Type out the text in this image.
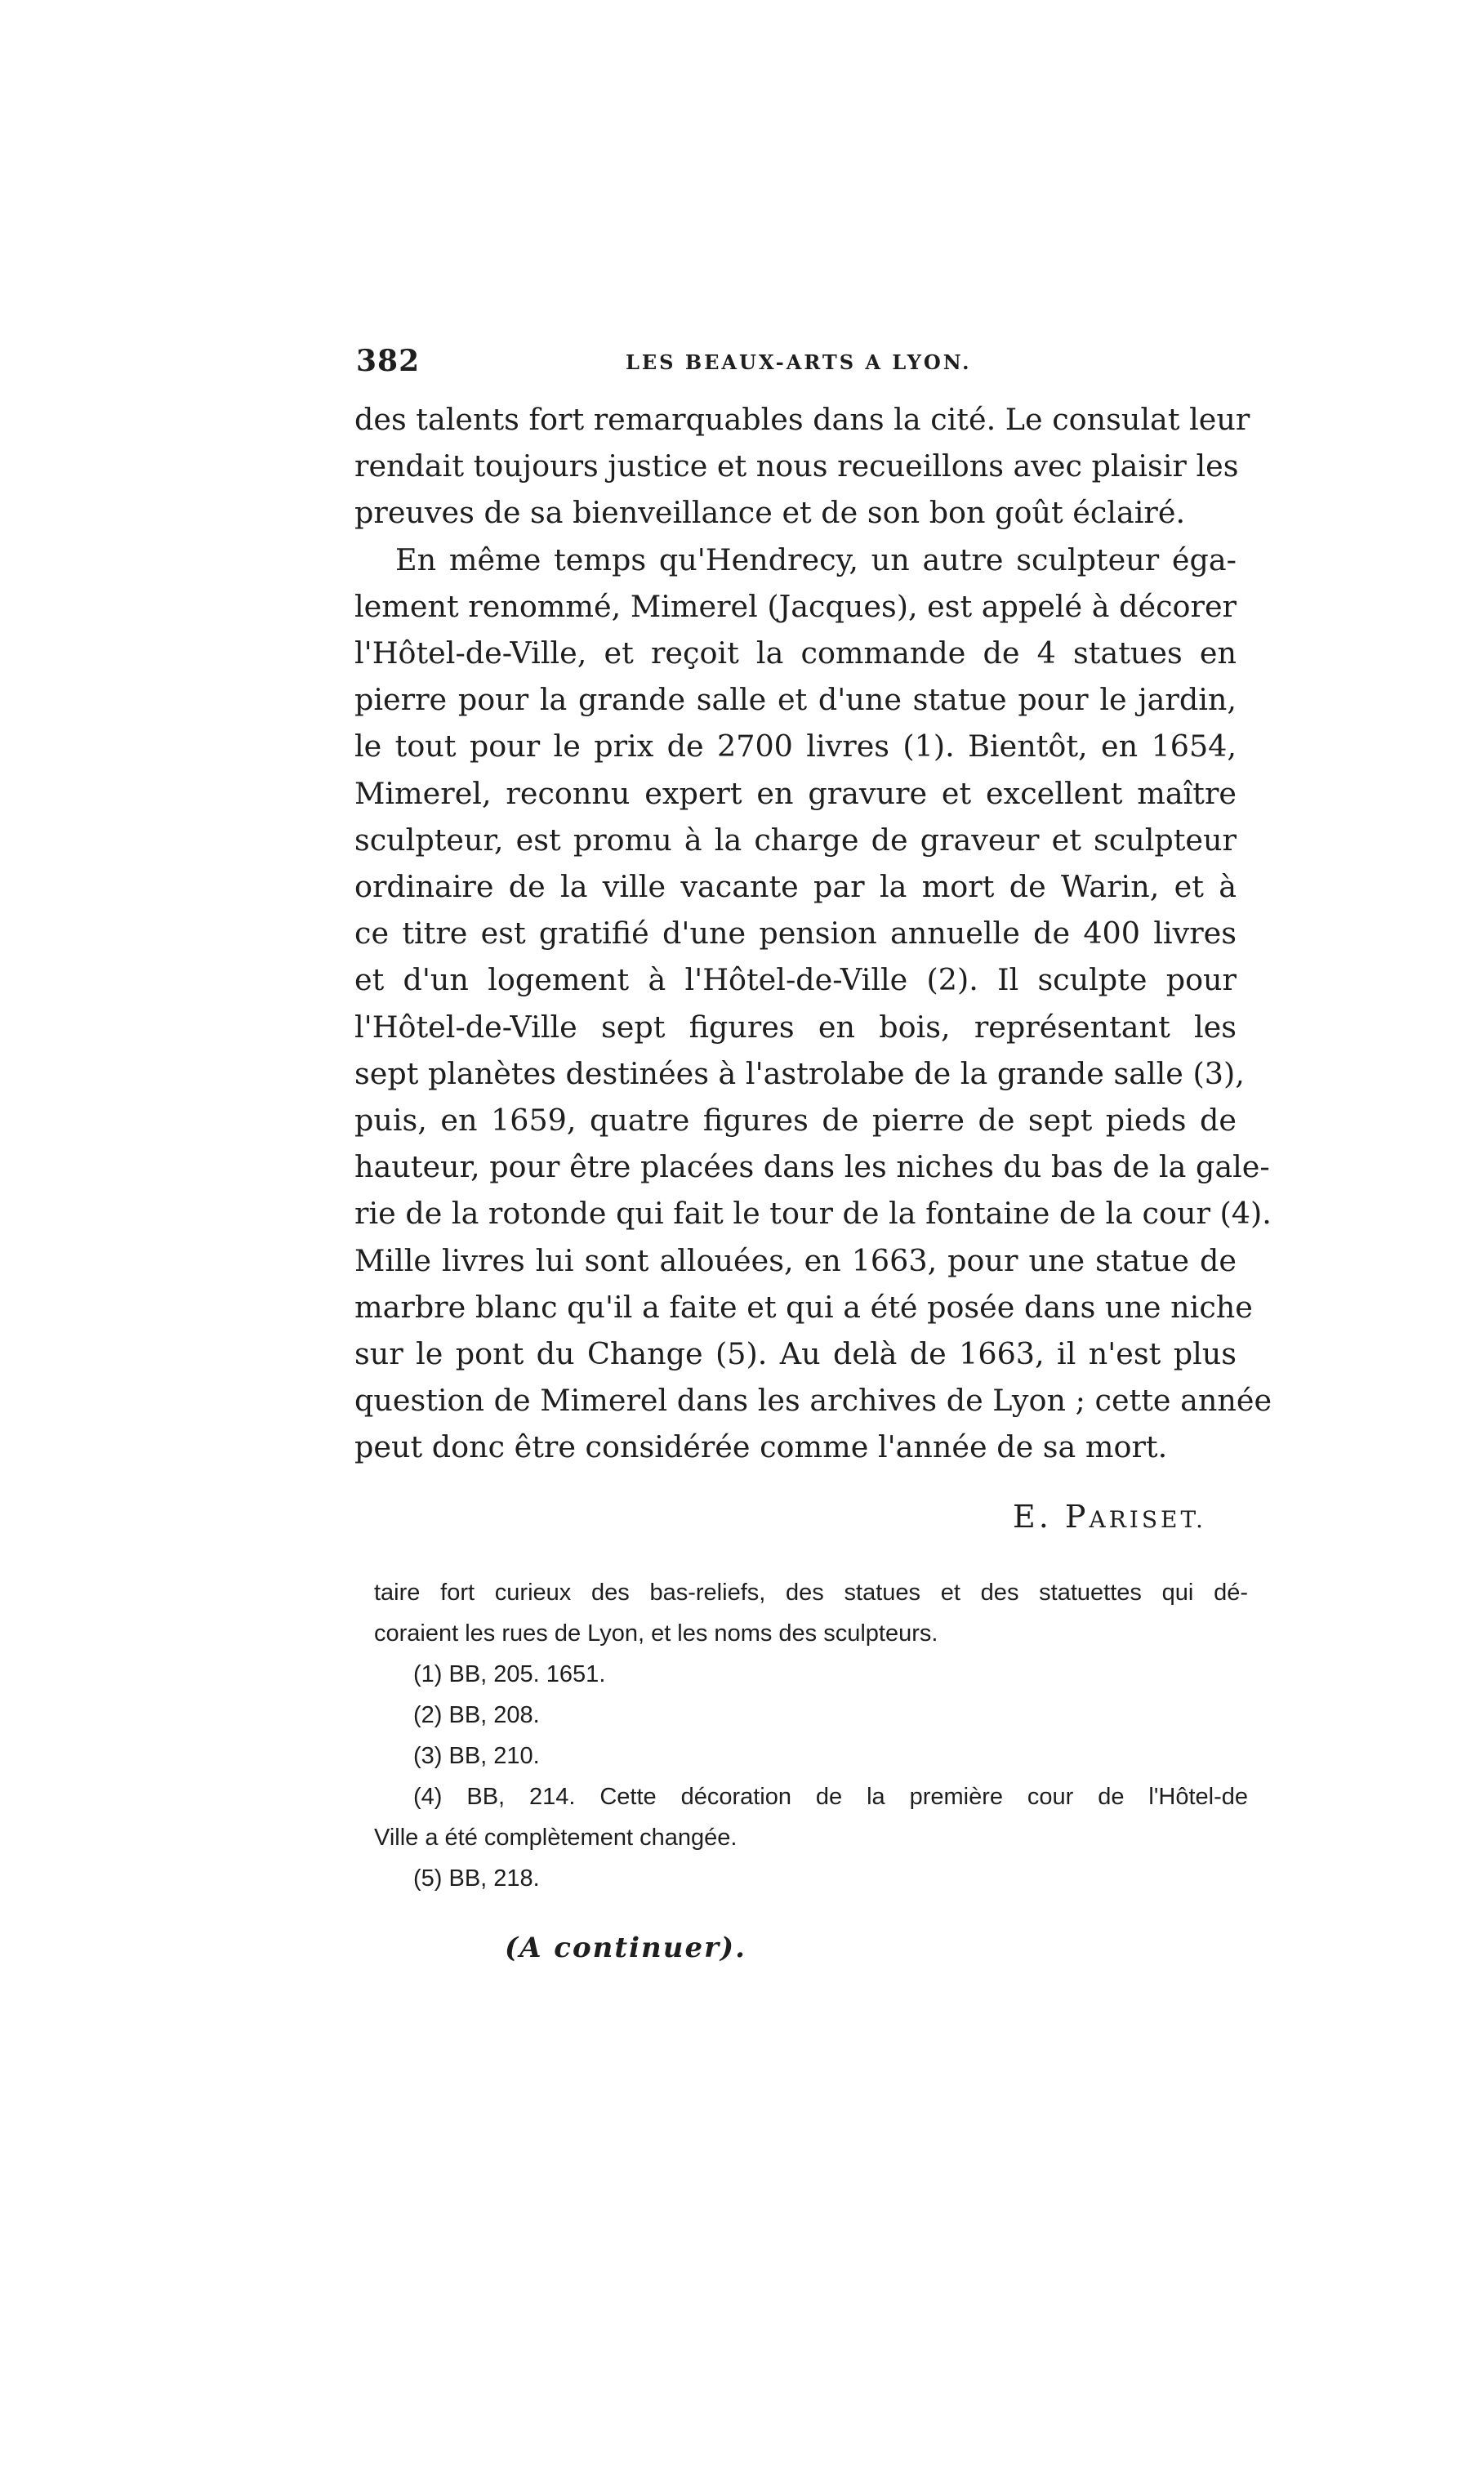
382	LES BEAUX-ARTS A LYON.

des talents fort remarquables dans la cité. Le consulat leur
rendait toujours justice et nous recueillons avec plaisir les
preuves de sa bienveillance et de son bon goût éclairé.

En même temps qu'Hendrecy, un autre sculpteur éga-
lement renommé, Mimerel (Jacques), est appelé à décorer
l'Hôtel-de-Ville, et reçoit la commande de 4 statues en
pierre pour la grande salle et d'une statue pour le jardin,
le tout pour le prix de 2700 livres (1). Bientôt, en 1654,
Mimerel, reconnu expert en gravure et excellent maître
sculpteur, est promu à la charge de graveur et sculpteur
ordinaire de la ville vacante par la mort de Warin, et à
ce titre est gratifié d'une pension annuelle de 400 livres
et d'un logement à l'Hôtel-de-Ville (2). Il sculpte pour
l'Hôtel-de-Ville sept figures en bois, représentant les
sept planètes destinées à l'astrolabe de la grande salle (3),
puis, en 1659, quatre figures de pierre de sept pieds de
hauteur, pour être placées dans les niches du bas de la gale-
rie de la rotonde qui fait le tour de la fontaine de la cour (4).
Mille livres lui sont allouées, en 1663, pour une statue de
marbre blanc qu'il a faite et qui a été posée dans une niche
sur le pont du Change (5). Au delà de 1663, il n'est plus
question de Mimerel dans les archives de Lyon ; cette année
peut donc être considérée comme l'année de sa mort.

E. PARISET.
taire fort curieux des bas-reliefs, des statues et des statuettes qui dé-
coraient les rues de Lyon, et les noms des sculpteurs.
(1) BB, 205. 1651.
(2) BB, 208.
(3) BB, 210.
(4) BB, 214. Cette décoration de la première cour de l'Hôtel-de
Ville a été complètement changée.
(5) BB, 218.
(A continuer).
